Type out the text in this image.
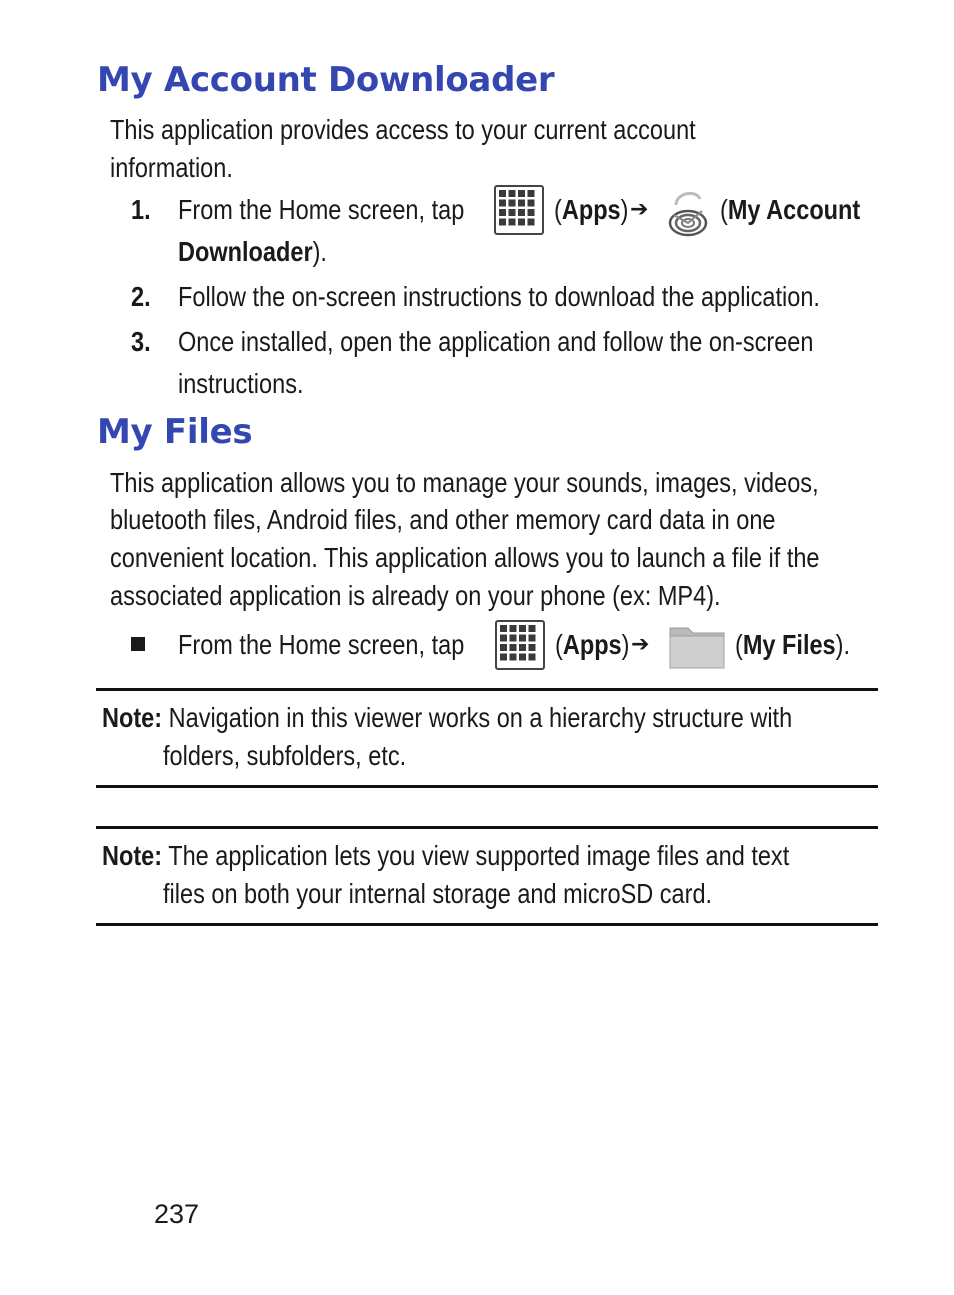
My Account Downloader
This application provides access to your current account
information.
1. From the Home screen, tap	(Apps) ➔	(My Account
Downloader).
2. Follow the on-screen instructions to download the application.
3. Once installed, open the application and follow the on-screen
instructions.
My Files
This application allows you to manage your sounds, images, videos,
bluetooth files, Android files, and other memory card data in one
convenient location. This application allows you to launch a file if the
associated application is already on your phone (ex: MP4).
From the Home screen, tap	(Apps) ➔	(My Files).
Note: Navigation in this viewer works on a hierarchy structure with
folders, subfolders, etc.
Note: The application lets you view supported image files and text
files on both your internal storage and microSD card.
237
